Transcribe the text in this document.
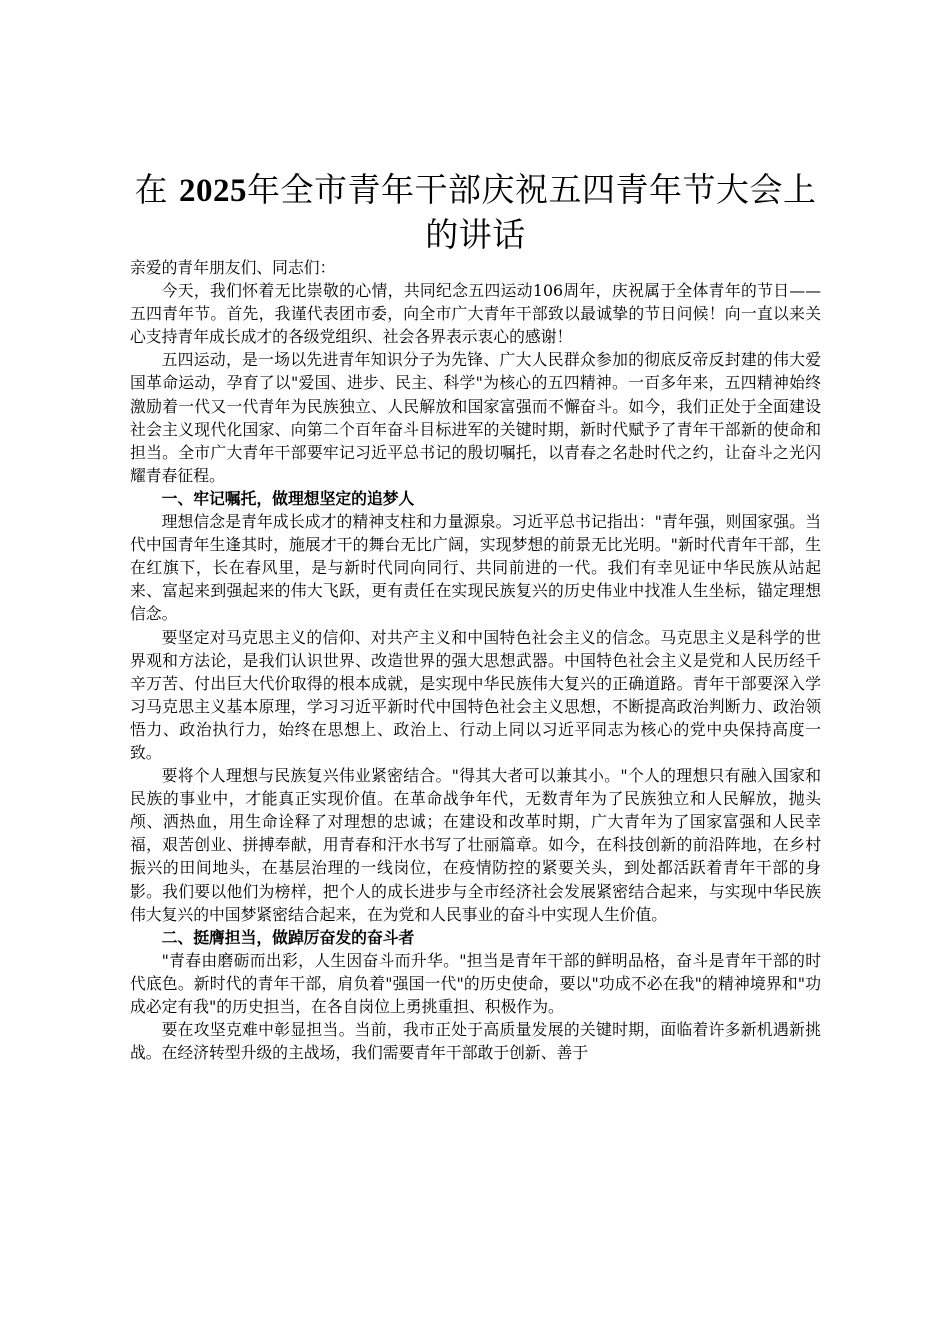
在 2025年全市青年干部庆祝五四青年节大会上的讲话

亲爱的青年朋友们、同志们：

今天，我们怀着无比崇敬的心情，共同纪念五四运动106周年，庆祝属于全体青年的节日——五四青年节。首先，我谨代表团市委，向全市广大青年干部致以最诚挚的节日问候！向一直以来关心支持青年成长成才的各级党组织、社会各界表示衷心的感谢！

五四运动，是一场以先进青年知识分子为先锋、广大人民群众参加的彻底反帝反封建的伟大爱国革命运动，孕育了以"爱国、进步、民主、科学"为核心的五四精神。一百多年来，五四精神始终激励着一代又一代青年为民族独立、人民解放和国家富强而不懈奋斗。如今，我们正处于全面建设社会主义现代化国家、向第二个百年奋斗目标进军的关键时期，新时代赋予了青年干部新的使命和担当。全市广大青年干部要牢记习近平总书记的殷切嘱托，以青春之名赴时代之约，让奋斗之光闪耀青春征程。

一、牢记嘱托，做理想坚定的追梦人

理想信念是青年成长成才的精神支柱和力量源泉。习近平总书记指出："青年强，则国家强。当代中国青年生逢其时，施展才干的舞台无比广阔，实现梦想的前景无比光明。"新时代青年干部，生在红旗下，长在春风里，是与新时代同向同行、共同前进的一代。我们有幸见证中华民族从站起来、富起来到强起来的伟大飞跃，更有责任在实现民族复兴的历史伟业中找准人生坐标，锚定理想信念。

要坚定对马克思主义的信仰、对共产主义和中国特色社会主义的信念。马克思主义是科学的世界观和方法论，是我们认识世界、改造世界的强大思想武器。中国特色社会主义是党和人民历经千辛万苦、付出巨大代价取得的根本成就，是实现中华民族伟大复兴的正确道路。青年干部要深入学习马克思主义基本原理，学习习近平新时代中国特色社会主义思想，不断提高政治判断力、政治领悟力、政治执行力，始终在思想上、政治上、行动上同以习近平同志为核心的党中央保持高度一致。

要将个人理想与民族复兴伟业紧密结合。"得其大者可以兼其小。"个人的理想只有融入国家和民族的事业中，才能真正实现价值。在革命战争年代，无数青年为了民族独立和人民解放，抛头颅、洒热血，用生命诠释了对理想的忠诚；在建设和改革时期，广大青年为了国家富强和人民幸福，艰苦创业、拼搏奉献，用青春和汗水书写了壮丽篇章。如今，在科技创新的前沿阵地，在乡村振兴的田间地头，在基层治理的一线岗位，在疫情防控的紧要关头，到处都活跃着青年干部的身影。我们要以他们为榜样，把个人的成长进步与全市经济社会发展紧密结合起来，与实现中华民族伟大复兴的中国梦紧密结合起来，在为党和人民事业的奋斗中实现人生价值。

二、挺膺担当，做踔厉奋发的奋斗者

"青春由磨砺而出彩，人生因奋斗而升华。"担当是青年干部的鲜明品格，奋斗是青年干部的时代底色。新时代的青年干部，肩负着"强国一代"的历史使命，要以"功成不必在我"的精神境界和"功成必定有我"的历史担当，在各自岗位上勇挑重担、积极作为。

要在攻坚克难中彰显担当。当前，我市正处于高质量发展的关键时期，面临着许多新机遇新挑战。在经济转型升级的主战场，我们需要青年干部敢于创新、善于
